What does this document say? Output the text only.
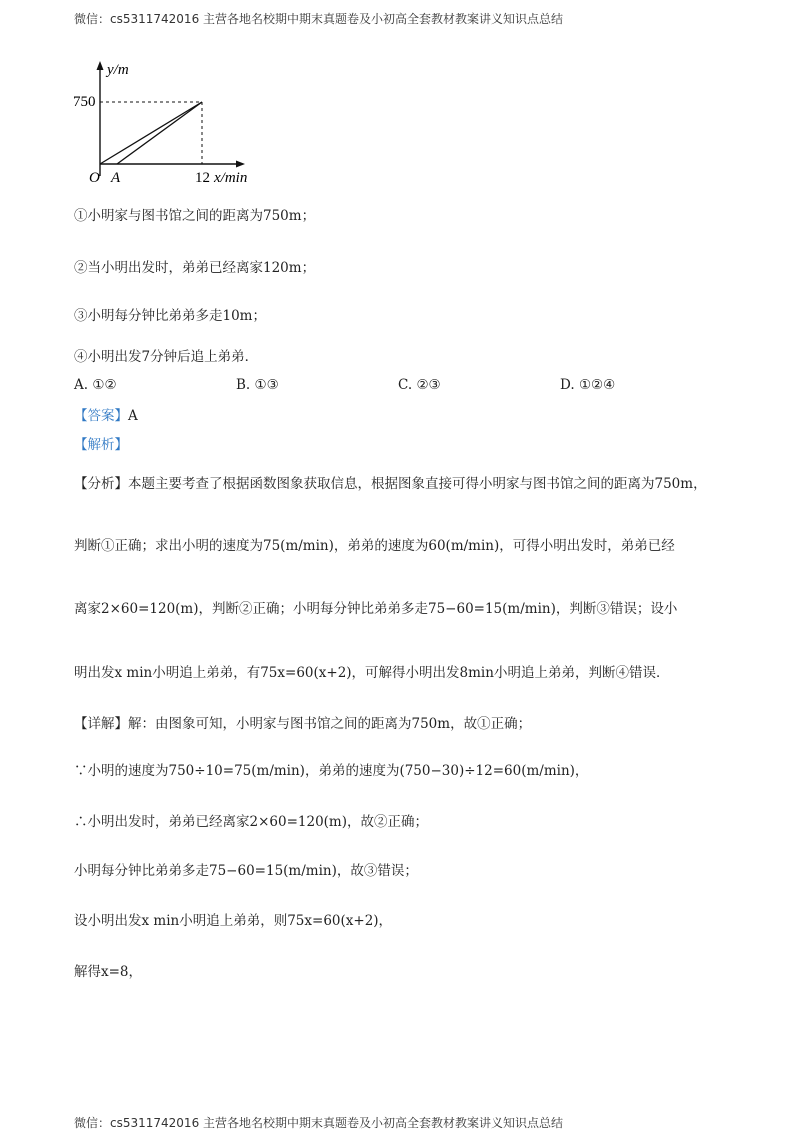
微信：cs5311742016 主营各地名校期中期末真题卷及小初高全套教材教案讲义知识点总结
y/m
750
O A	12 x/min
①小明家与图书馆之间的距离为750m；
②当小明出发时，弟弟已经离家120m；
③小明每分钟比弟弟多走10m；
④小明出发7分钟后追上弟弟．
A. ①②	B. ①③	C. ②③	D. ①②④
【答案】A
【解析】
【分析】本题主要考查了根据函数图象获取信息，根据图象直接可得小明家与图书馆之间的距离为750m，
判断①正确；求出小明的速度为75(m/min)，弟弟的速度为60(m/min)，可得小明出发时，弟弟已经
离家2×60=120(m)，判断②正确；小明每分钟比弟弟多走75−60=15(m/min)，判断③错误；设小
明出发x min小明追上弟弟，有75x=60(x+2)，可解得小明出发8min小明追上弟弟，判断④错误．
【详解】解：由图象可知，小明家与图书馆之间的距离为750m，故①正确；
∵小明的速度为750÷10=75(m/min)，弟弟的速度为(750−30)÷12=60(m/min)，
∴小明出发时，弟弟已经离家2×60=120(m)，故②正确；
小明每分钟比弟弟多走75−60=15(m/min)，故③错误；
设小明出发x min小明追上弟弟，则75x=60(x+2)，
解得x=8，
微信：cs5311742016 主营各地名校期中期末真题卷及小初高全套教材教案讲义知识点总结
